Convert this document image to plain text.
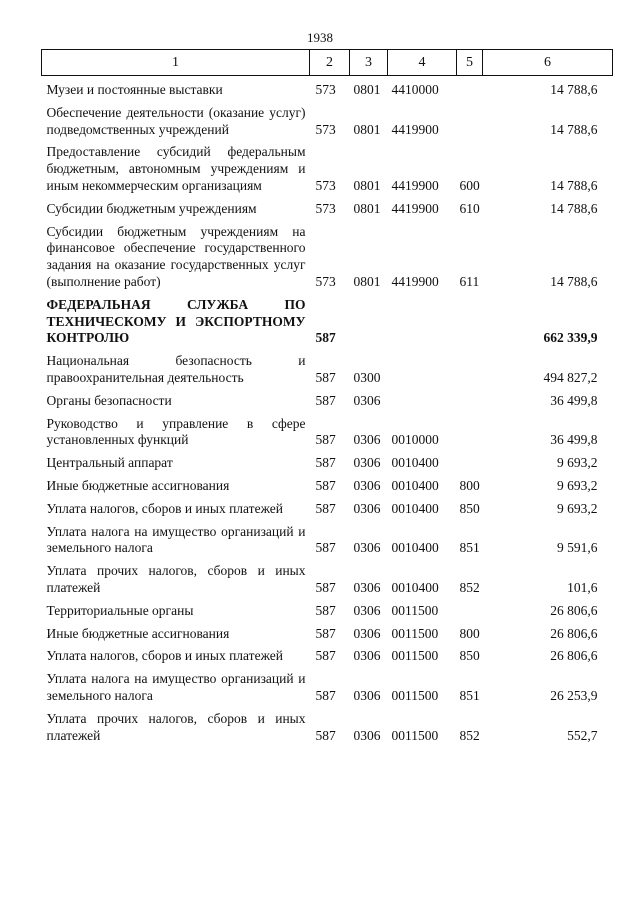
1938
1	2	3	4	5	6
Музеи и постоянные выставки	573	0801	4410000		14 788,6
Обеспечение деятельности (оказание услуг) подведомственных учреждений	573	0801	4419900		14 788,6
Предоставление субсидий федеральным бюджетным, автономным учреждениям и иным некоммерческим организациям	573	0801	4419900	600	14 788,6
Субсидии бюджетным учреждениям	573	0801	4419900	610	14 788,6
Субсидии бюджетным учреждениям на финансовое обеспечение государственного задания на оказание государственных услуг (выполнение работ)	573	0801	4419900	611	14 788,6
ФЕДЕРАЛЬНАЯ СЛУЖБА ПО ТЕХНИЧЕСКОМУ И ЭКСПОРТНОМУ КОНТРОЛЮ	587				662 339,9
Национальная безопасность и правоохранительная деятельность	587	0300			494 827,2
Органы безопасности	587	0306			36 499,8
Руководство и управление в сфере установленных функций	587	0306	0010000		36 499,8
Центральный аппарат	587	0306	0010400		9 693,2
Иные бюджетные ассигнования	587	0306	0010400	800	9 693,2
Уплата налогов, сборов и иных платежей	587	0306	0010400	850	9 693,2
Уплата налога на имущество организаций и земельного налога	587	0306	0010400	851	9 591,6
Уплата прочих налогов, сборов и иных платежей	587	0306	0010400	852	101,6
Территориальные органы	587	0306	0011500		26 806,6
Иные бюджетные ассигнования	587	0306	0011500	800	26 806,6
Уплата налогов, сборов и иных платежей	587	0306	0011500	850	26 806,6
Уплата налога на имущество организаций и земельного налога	587	0306	0011500	851	26 253,9
Уплата прочих налогов, сборов и иных платежей	587	0306	0011500	852	552,7
